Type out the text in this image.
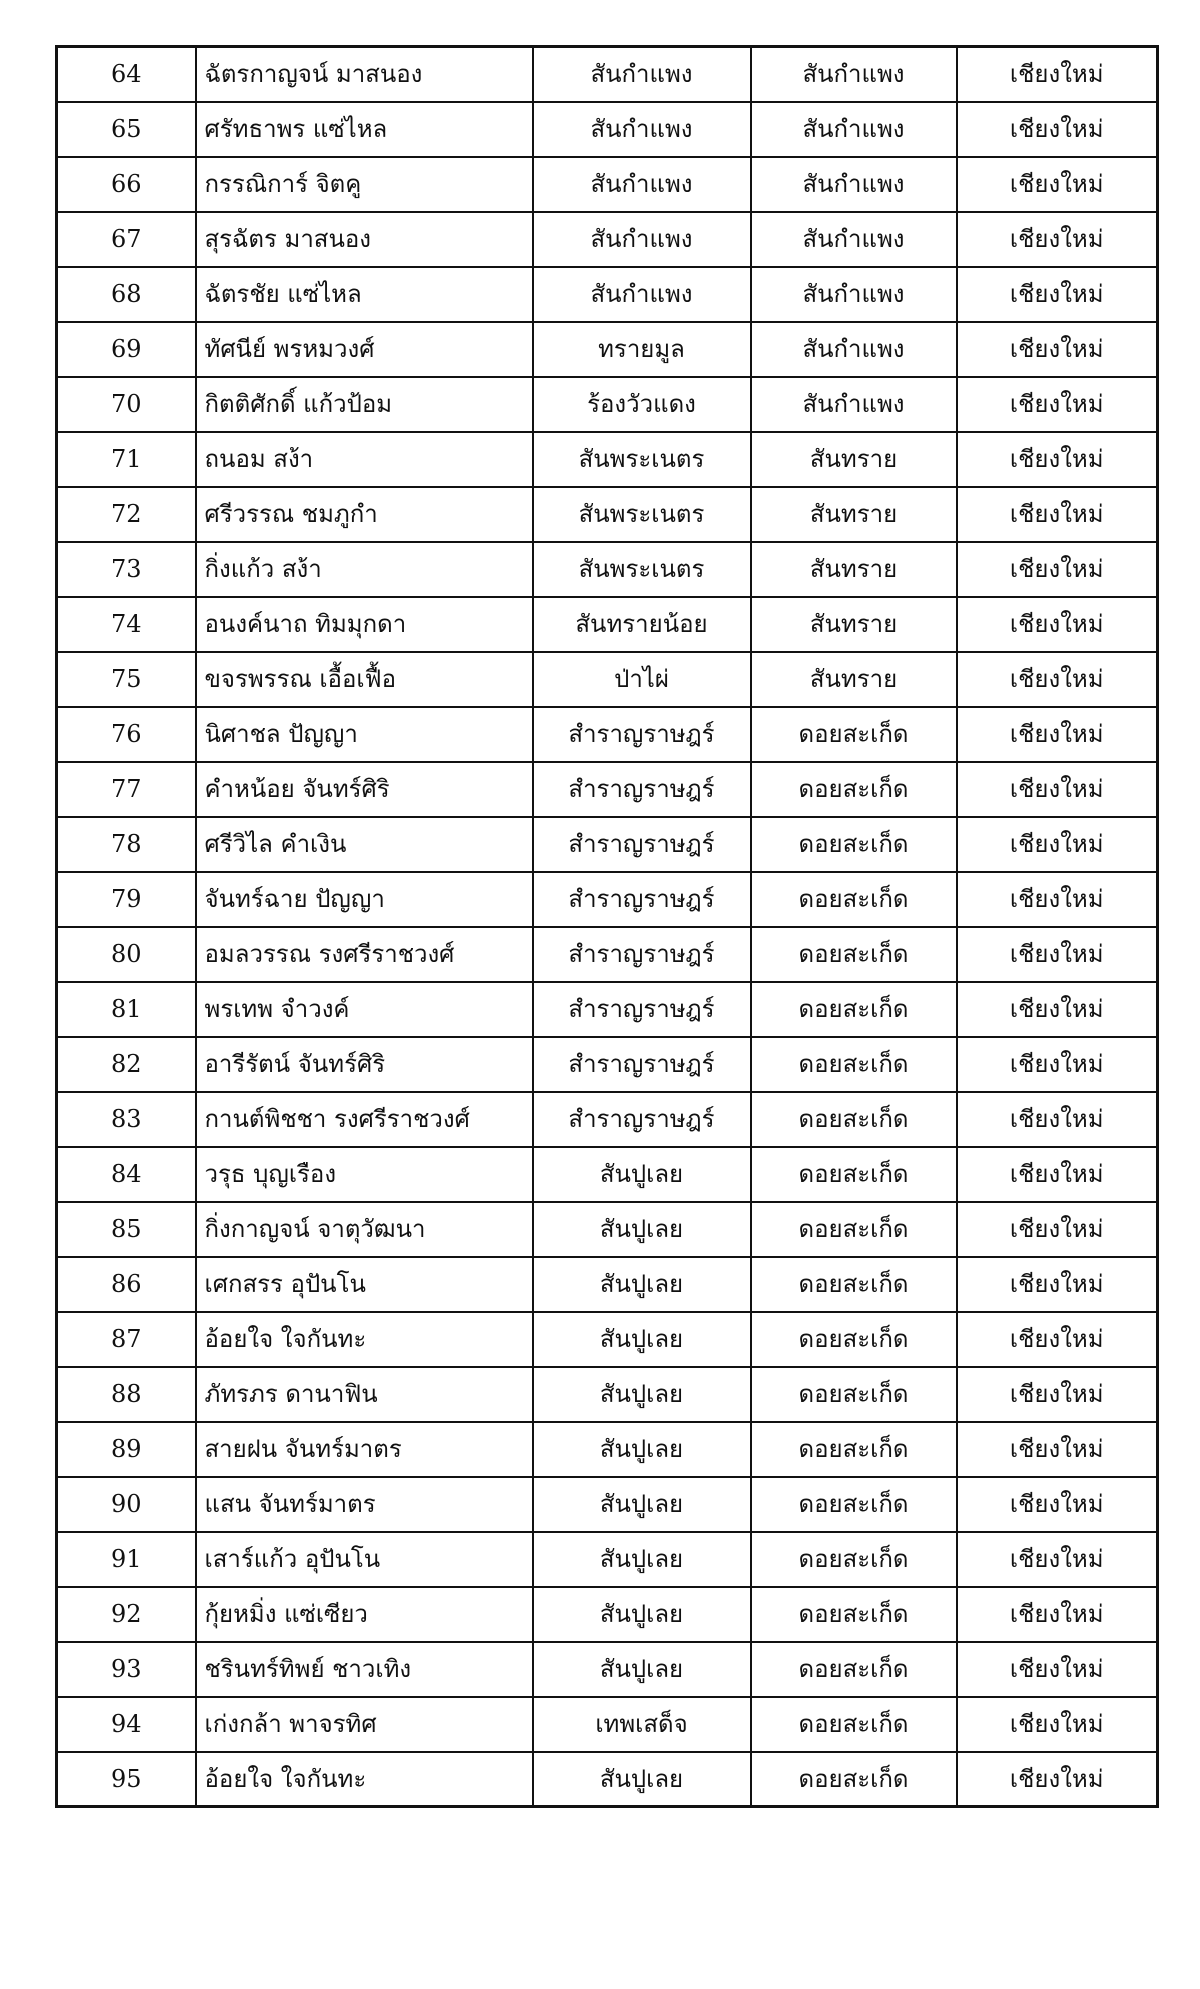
64	ฉัตรกาญจน์ มาสนอง	สันกำแพง	สันกำแพง	เชียงใหม่
65	ศรัทธาพร แซ่ไหล	สันกำแพง	สันกำแพง	เชียงใหม่
66	กรรณิการ์ จิตคู	สันกำแพง	สันกำแพง	เชียงใหม่
67	สุรฉัตร มาสนอง	สันกำแพง	สันกำแพง	เชียงใหม่
68	ฉัตรชัย แซ่ไหล	สันกำแพง	สันกำแพง	เชียงใหม่
69	ทัศนีย์ พรหมวงศ์	ทรายมูล	สันกำแพง	เชียงใหม่
70	กิตติศักดิ์ แก้วป้อม	ร้องวัวแดง	สันกำแพง	เชียงใหม่
71	ถนอม สง้า	สันพระเนตร	สันทราย	เชียงใหม่
72	ศรีวรรณ ชมภูกำ	สันพระเนตร	สันทราย	เชียงใหม่
73	กิ่งแก้ว สง้า	สันพระเนตร	สันทราย	เชียงใหม่
74	อนงค์นาถ ทิมมุกดา	สันทรายน้อย	สันทราย	เชียงใหม่
75	ขจรพรรณ เอื้อเฟื้อ	ป่าไผ่	สันทราย	เชียงใหม่
76	นิศาชล ปัญญา	สำราญราษฎร์	ดอยสะเก็ด	เชียงใหม่
77	คำหน้อย จันทร์ศิริ	สำราญราษฎร์	ดอยสะเก็ด	เชียงใหม่
78	ศรีวิไล คำเงิน	สำราญราษฎร์	ดอยสะเก็ด	เชียงใหม่
79	จันทร์ฉาย ปัญญา	สำราญราษฎร์	ดอยสะเก็ด	เชียงใหม่
80	อมลวรรณ รงศรีราชวงศ์	สำราญราษฎร์	ดอยสะเก็ด	เชียงใหม่
81	พรเทพ จำวงค์	สำราญราษฎร์	ดอยสะเก็ด	เชียงใหม่
82	อารีรัตน์ จันทร์ศิริ	สำราญราษฎร์	ดอยสะเก็ด	เชียงใหม่
83	กานต์พิชชา รงศรีราชวงศ์	สำราญราษฎร์	ดอยสะเก็ด	เชียงใหม่
84	วรุธ บุญเรือง	สันปูเลย	ดอยสะเก็ด	เชียงใหม่
85	กิ่งกาญจน์ จาตุวัฒนา	สันปูเลย	ดอยสะเก็ด	เชียงใหม่
86	เศกสรร อุปันโน	สันปูเลย	ดอยสะเก็ด	เชียงใหม่
87	อ้อยใจ ใจกันทะ	สันปูเลย	ดอยสะเก็ด	เชียงใหม่
88	ภัทรภร ดานาฟิน	สันปูเลย	ดอยสะเก็ด	เชียงใหม่
89	สายฝน จันทร์มาตร	สันปูเลย	ดอยสะเก็ด	เชียงใหม่
90	แสน จันทร์มาตร	สันปูเลย	ดอยสะเก็ด	เชียงใหม่
91	เสาร์แก้ว อุปันโน	สันปูเลย	ดอยสะเก็ด	เชียงใหม่
92	กุ้ยหมิ่ง แซ่เซียว	สันปูเลย	ดอยสะเก็ด	เชียงใหม่
93	ชรินทร์ทิพย์ ชาวเทิง	สันปูเลย	ดอยสะเก็ด	เชียงใหม่
94	เก่งกล้า พาจรทิศ	เทพเสด็จ	ดอยสะเก็ด	เชียงใหม่
95	อ้อยใจ ใจกันทะ	สันปูเลย	ดอยสะเก็ด	เชียงใหม่
